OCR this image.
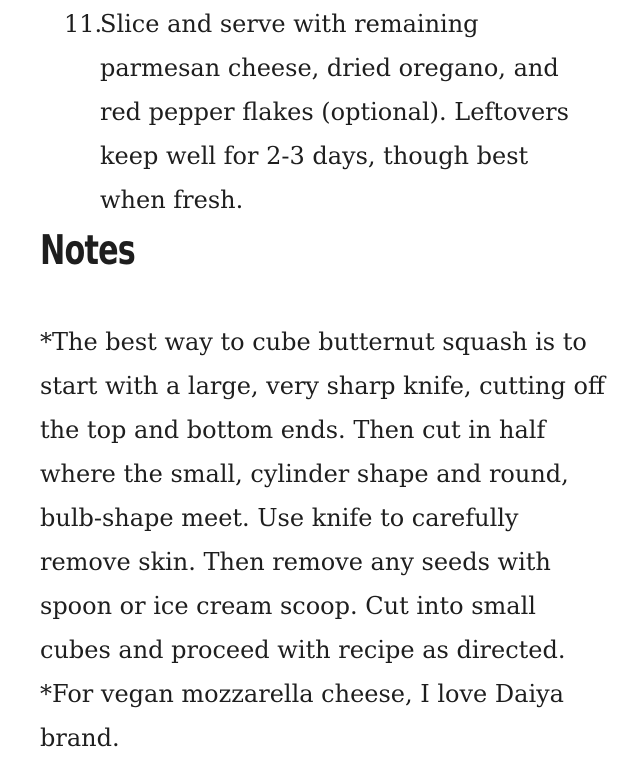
11.
Slice and serve with remaining parmesan cheese, dried oregano, and red pepper flakes (optional). Leftovers keep well for 2-3 days, though best when fresh.
Notes

*The best way to cube butternut squash is to start with a large, very sharp knife, cutting off the top and bottom ends. Then cut in half where the small, cylinder shape and round, bulb-shape meet. Use knife to carefully remove skin. Then remove any seeds with spoon or ice cream scoop. Cut into small cubes and proceed with recipe as directed.

*For vegan mozzarella cheese, I love Daiya brand.
